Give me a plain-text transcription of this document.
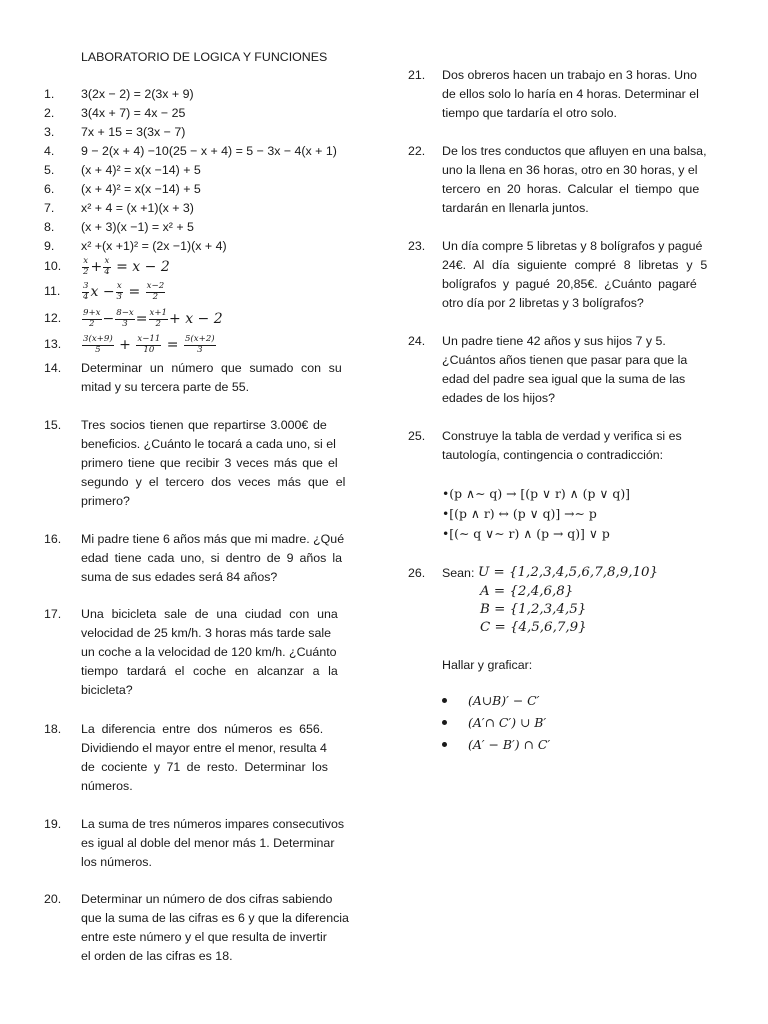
LABORATORIO DE LOGICA Y FUNCIONES
1. 3(2x − 2) = 2(3x + 9)
2. 3(4x + 7) = 4x − 25
3. 7x + 15 = 3(3x − 7)
4. 9 − 2(x + 4) −10(25 − x + 4) = 5 − 3x − 4(x + 1)
5. (x + 4)² = x(x −14) + 5
6. (x + 4)² = x(x −14) + 5
7. x² + 4 = (x +1)(x + 3)
8. (x + 3)(x −1) = x² + 5
9. x² +(x +1)² = (2x −1)(x + 4)
10. $\frac{x}{2} + \frac{x}{4} = x - 2$
11.	$\frac{3}{4}$ $x - \frac{x}{3} = \frac{x-2}{2}$
12. $\frac{9+x}{2} - \frac{8-x}{3} = \frac{x+1}{2} + x - 2$
13. $\frac{3(x+9)}{5} + \frac{x-11}{10} = \frac{5(x+2)}{3}$
14. Determinar un número que sumado con su
mitad y su tercera parte de 55.
15. Tres socios tienen que repartirse 3.000€ de
beneficios. ¿Cuánto le tocará a cada uno, si el
primero tiene que recibir 3 veces más que el
segundo y el tercero dos veces más que el
primero?
16. Mi padre tiene 6 años más que mi madre. ¿Qué
edad tiene cada uno, si dentro de 9 años la
suma de sus edades será 84 años?
17. Una bicicleta sale de una ciudad con una
velocidad de 25 km/h. 3 horas más tarde sale
un coche a la velocidad de 120 km/h. ¿Cuánto
tiempo tardará el coche en alcanzar a la
bicicleta?
18. La diferencia entre dos números es 656.
Dividiendo el mayor entre el menor, resulta 4
de cociente y 71 de resto. Determinar los
números.
19. La suma de tres números impares consecutivos
es igual al doble del menor más 1. Determinar
los números.
20. Determinar un número de dos cifras sabiendo
que la suma de las cifras es 6 y que la diferencia
entre este número y el que resulta de invertir
el orden de las cifras es 18.
21. Dos obreros hacen un trabajo en 3 horas. Uno
de ellos solo lo haría en 4 horas. Determinar el
tiempo que tardaría el otro solo.
22. De los tres conductos que afluyen en una balsa,
uno la llena en 36 horas, otro en 30 horas, y el
tercero en 20 horas. Calcular el tiempo que
tardarán en llenarla juntos.
23. Un día compre 5 libretas y 8 bolígrafos y pagué
24€. Al día siguiente compré 8 libretas y 5
bolígrafos y pagué 20,85€. ¿Cuánto pagaré
otro día por 2 libretas y 3 bolígrafos?
24. Un padre tiene 42 años y sus hijos 7 y 5.
¿Cuántos años tienen que pasar para que la
edad del padre sea igual que la suma de las
edades de los hijos?
25. Construye la tabla de verdad y verifica si es
tautología, contingencia o contradicción:
•(p ∧∼ q) → [(p ∨ r) ∧ (p ∨ q)]
•[(p ∧ r) ↔ (p ∨ q)] →∼ p
•[(∼ q ∨∼ r) ∧ (p → q)] ∨ p
26. Sean: U = {1,2,3,4,5,6,7,8,9,10}
A = {2,4,6,8}
B = {1,2,3,4,5}
C = {4,5,6,7,9}
Hallar y graficar:
(A∪B)′ − C′
(A′∩ C′) ∪ B′
(A′ − B′) ∩ C′
